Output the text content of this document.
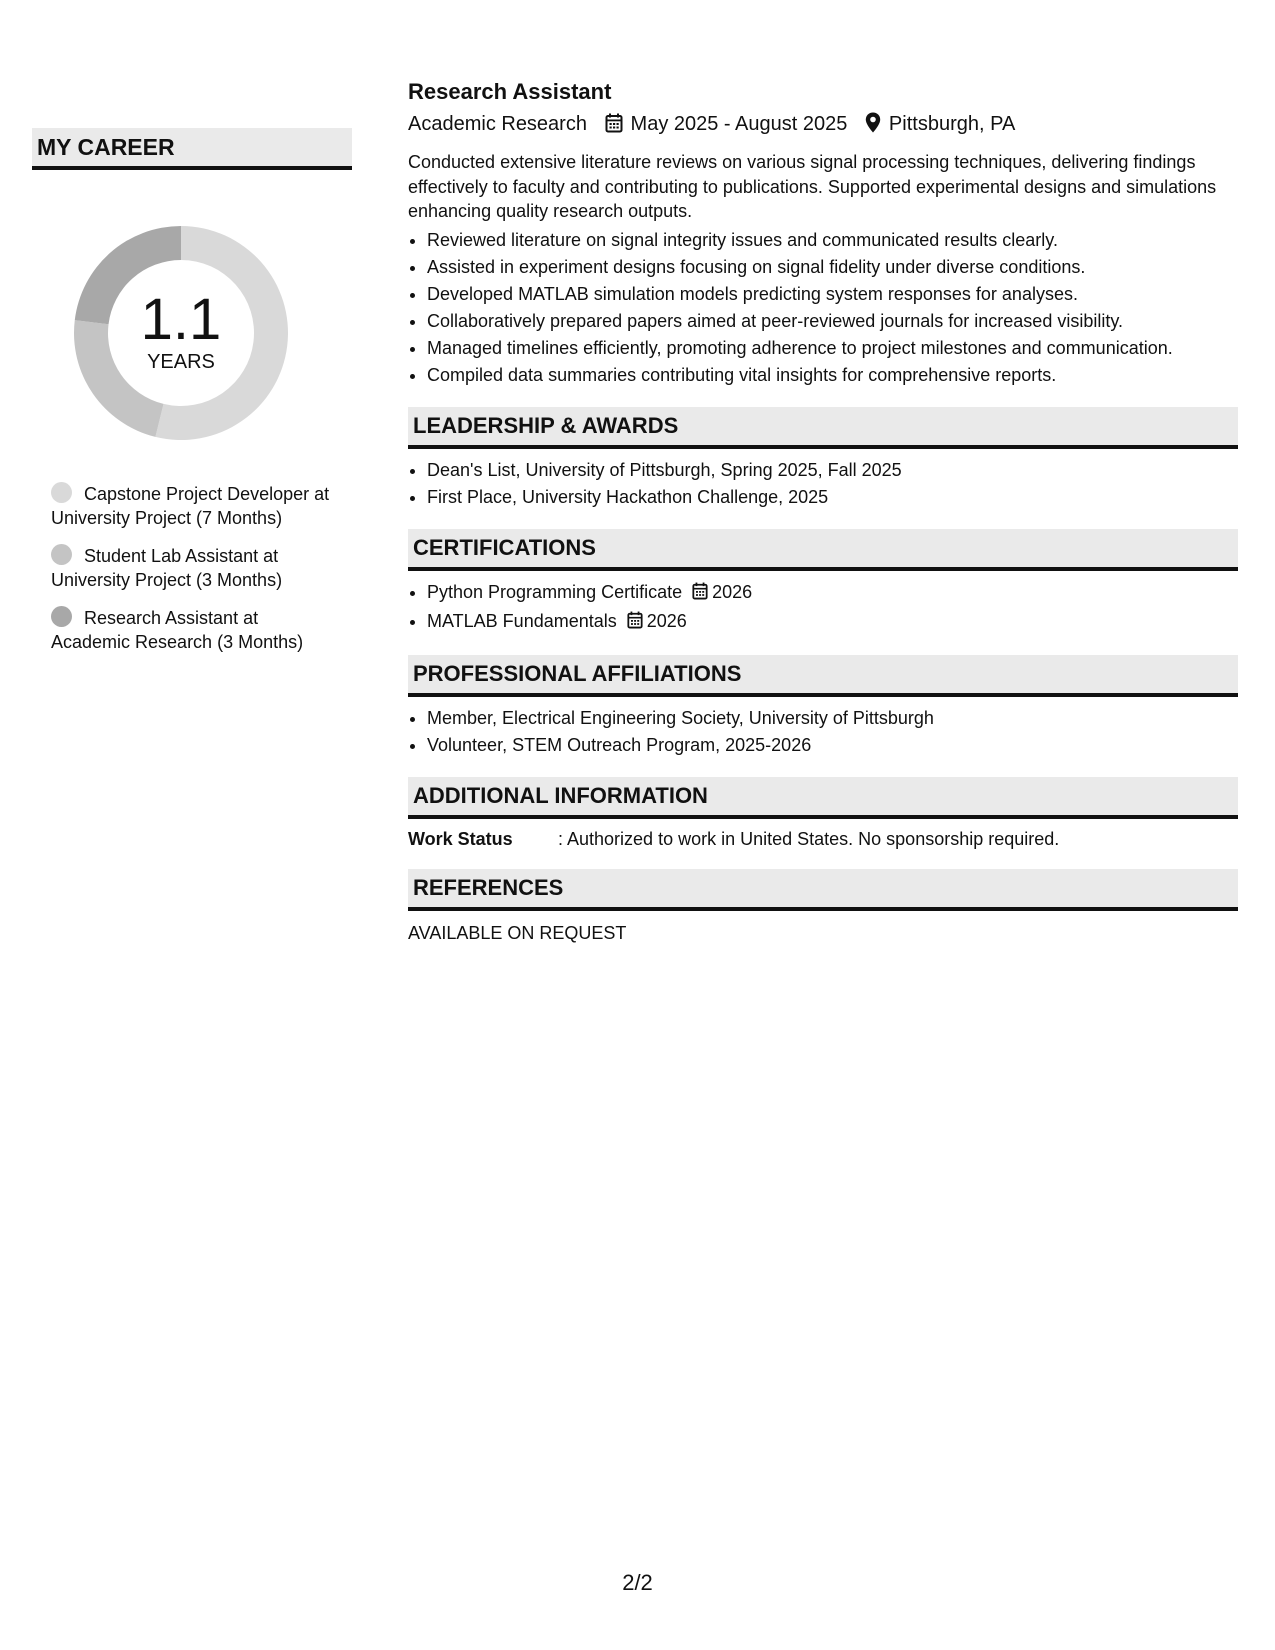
MY CAREER
1.1
YEARS
Capstone Project Developer at University Project (7 Months)
Student Lab Assistant at University Project (3 Months)
Research Assistant at Academic Research (3 Months)
Research Assistant
Academic Research May 2025 - August 2025 Pittsburgh, PA
Conducted extensive literature reviews on various signal processing techniques, delivering findings effectively to faculty and contributing to publications. Supported experimental designs and simulations enhancing quality research outputs.
• Reviewed literature on signal integrity issues and communicated results clearly.
• Assisted in experiment designs focusing on signal fidelity under diverse conditions.
• Developed MATLAB simulation models predicting system responses for analyses.
• Collaboratively prepared papers aimed at peer-reviewed journals for increased visibility.
• Managed timelines efficiently, promoting adherence to project milestones and communication.
• Compiled data summaries contributing vital insights for comprehensive reports.
LEADERSHIP & AWARDS
• Dean's List, University of Pittsburgh, Spring 2025, Fall 2025
• First Place, University Hackathon Challenge, 2025
CERTIFICATIONS
• Python Programming Certificate 2026
• MATLAB Fundamentals 2026
PROFESSIONAL AFFILIATIONS
• Member, Electrical Engineering Society, University of Pittsburgh
• Volunteer, STEM Outreach Program, 2025-2026
ADDITIONAL INFORMATION
Work Status	: Authorized to work in United States. No sponsorship required.
REFERENCES
AVAILABLE ON REQUEST
2/2
